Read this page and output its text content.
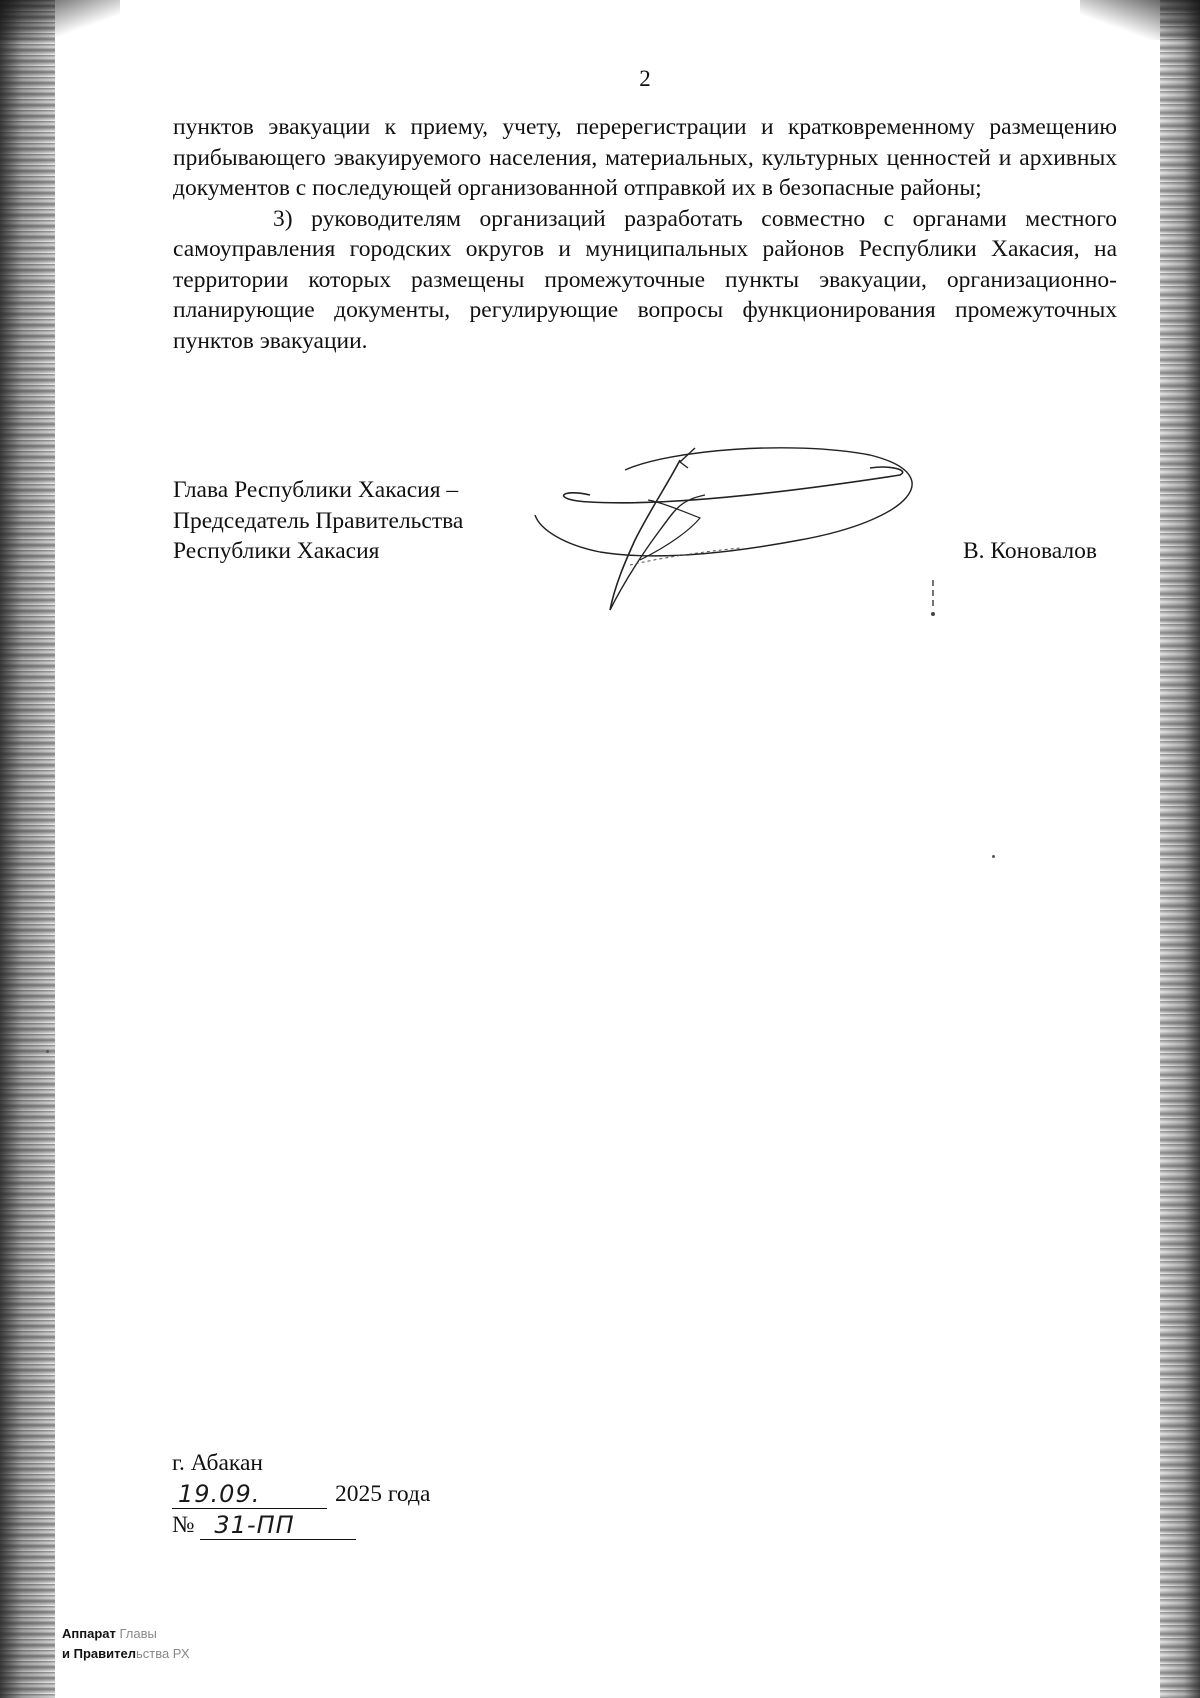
2

пунктов эвакуации к приему, учету, перерегистрации и кратковременному размещению прибывающего эвакуируемого населения, материальных, культурных ценностей и архивных документов с последующей организованной отправкой их в безопасные районы;

3) руководителям организаций разработать совместно с органами местного самоуправления городских округов и муниципальных районов Республики Хакасия, на территории которых размещены промежуточные пункты эвакуации, организационно-планирующие документы, регулирующие вопросы функционирования промежуточных пунктов эвакуации.

Глава Республики Хакасия –
Председатель Правительства
Республики Хакасия	В. Коновалов
г. Абакан
19.09.	2025 года
№ 31-ПП
Аппарат Главы
и Правительства РХ
